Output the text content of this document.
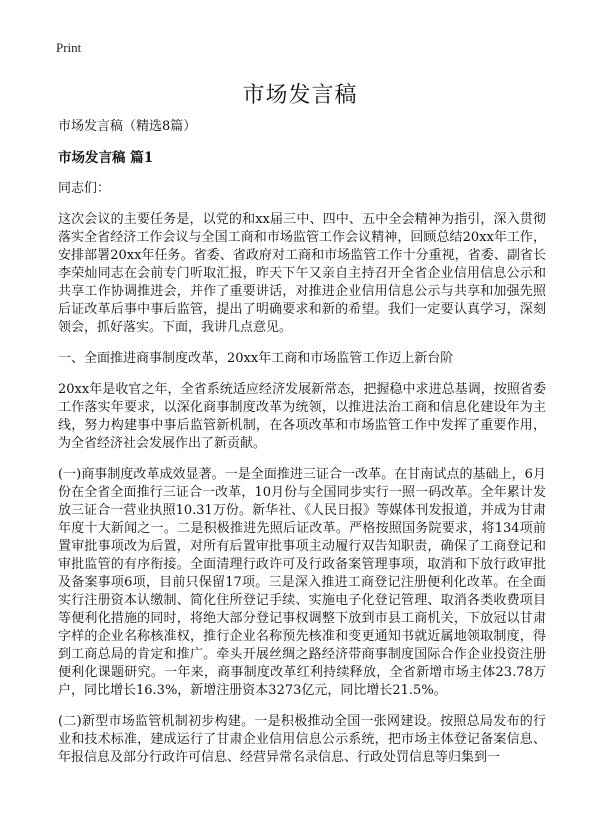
Print
市场发言稿

市场发言稿（精选8篇）

市场发言稿 篇1

同志们：

这次会议的主要任务是，以党的和xx届三中、四中、五中全会精神为指引，深入贯彻落实全省经济工作会议与全国工商和市场监管工作会议精神，回顾总结20xx年工作，安排部署20xx年任务。省委、省政府对工商和市场监管工作十分重视，省委、副省长李荣灿同志在会前专门听取汇报，昨天下午又亲自主持召开全省企业信用信息公示和共享工作协调推进会，并作了重要讲话，对推进企业信用信息公示与共享和加强先照后证改革后事中事后监管，提出了明确要求和新的希望。我们一定要认真学习，深刻领会，抓好落实。下面，我讲几点意见。

一、全面推进商事制度改革，20xx年工商和市场监管工作迈上新台阶

20xx年是收官之年，全省系统适应经济发展新常态，把握稳中求进总基调，按照省委工作落实年要求，以深化商事制度改革为统领，以推进法治工商和信息化建设年为主线，努力构建事中事后监管新机制，在各项改革和市场监管工作中发挥了重要作用，为全省经济社会发展作出了新贡献。

(一)商事制度改革成效显著。一是全面推进三证合一改革。在甘南试点的基础上，6月份在全省全面推行三证合一改革，10月份与全国同步实行一照一码改革。全年累计发放三证合一营业执照10.31万份。新华社、《人民日报》等媒体刊发报道，并成为甘肃年度十大新闻之一。二是积极推进先照后证改革。严格按照国务院要求，将134项前置审批事项改为后置，对所有后置审批事项主动履行双告知职责，确保了工商登记和审批监管的有序衔接。全面清理行政许可及行政备案管理事项，取消和下放行政审批及备案事项6项，目前只保留17项。三是深入推进工商登记注册便利化改革。在全面实行注册资本认缴制、简化住所登记手续、实施电子化登记管理、取消各类收费项目等便利化措施的同时，将绝大部分登记事权调整下放到市县工商机关，下放冠以甘肃字样的企业名称核准权，推行企业名称预先核准和变更通知书就近属地领取制度，得到工商总局的肯定和推广。牵头开展丝绸之路经济带商事制度国际合作企业投资注册便利化课题研究。一年来，商事制度改革红利持续释放，全省新增市场主体23.78万户，同比增长16.3%，新增注册资本3273亿元，同比增长21.5%。

(二)新型市场监管机制初步构建。一是积极推动全国一张网建设。按照总局发布的行业和技术标准，建成运行了甘肃企业信用信息公示系统，把市场主体登记备案信息、年报信息及部分行政许可信息、经营异常名录信息、行政处罚信息等归集到一
